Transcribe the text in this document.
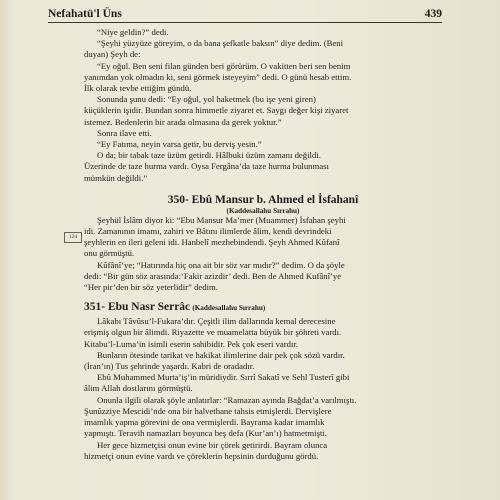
Nefahatü'l Üns	439
124
“Niye geldin?” dedi.
“Şeyhi yüzyüze göreyim, o da bana şefkatle baksın” diye dedim. (Beni
duyan) Şeyh de:
“Ey oğul. Ben seni filan günden beri görürüm. O vakitten beri sen benim
yanımdan yok olmadın ki, seni görmek isteyeyim” dedi. O günü hesab ettim.
İlk olarak tevbe ettiğim gündü.
Sonunda şunu dedi: “Ey oğul, yol haketmek (bu işe yeni giren)
küçüklerin işidir. Bundan sonra himmetle ziyaret et. Saygı değer kişi ziyaret
istemez. Bedenlerin bir arada olmasına da gerek yoktur.”
Sonra ilave etti.
“Ey Fatıma, neyin varsa getir, bu derviş yesin.”
O da; bir tabak taze üzüm getirdi. Hâlbuki üzüm zamanı değildi.
Üzerinde de taze hurma vardı. Oysa Fergâna’da taze hurma bulunması
mümkün değildi.”
350- Ebû Mansur b. Ahmed el İsfahanî
(Kaddesallahu Sırrahu)
Şeyhül İslâm diyor ki: “Ebu Mansur Ma’mer (Muammer) İsfahan şeyhi
idi. Zamanının imamı, zahiri ve Bâtını ilimlerde âlim, kendi devrindeki
şeyhlerin en ileri geleni idi. Hanbelî mezhebindendi. Şeyh Ahmed Kûfanî
onu görmüştü.
Kûfânî’ye; “Hatırında hiç ona ait bir söz var mıdır?” dedim. O da şöyle
dedi: “Bir gün söz arasında:‘Fakir azizdir’ dedi. Ben de Ahmed Kufânî’ye
“Her pir’den bir söz yeterlidir” dedim.
351- Ebu Nasr Serrâc (Kaddesallahu Sırrahu)
Lâkabı Tâvûsu’l-Fukara’dır. Çeşitli ilim dallarında kemal derecesine
erişmiş olgun bir âlimdi. Riyazette ve muamelatta büyük bir şöhreti vardı.
Kitabu’l-Luma’in isimli eserin sahibidir. Pek çok eseri vardır.
Bunların ötesinde tarikat ve hakikat ilimlerine dair pek çok sözü vardır.
(İran’ın) Tus şehrinde yaşardı. Kabri de oradadır.
Ebû Muhammed Murta’iş’in müridiydir. Sırrî Sakatî ve Sehl Tusterî gibi
âlim Allah dostlarını görmüştü.
Onunla ilgili olarak şöyle anlatırlar: “Ramazan ayında Bağdat’a varılmıştı.
Şunûzziye Mescidi’nde ona bir halvethane tahsis etmişlerdi. Dervişlere
imamlık yapma görevini de ona vermişlerdi. Bayrama kadar imamlık
yapmıştı. Teravih namazları boyunca beş defa (Kur’an’ı) hatmetmişti.
Her gece hizmetçisi onun evine bir çörek getirirdi. Bayram olunca
hizmetçi onun evine vardı ve çöreklerin hepsinin durduğunu gördü.
